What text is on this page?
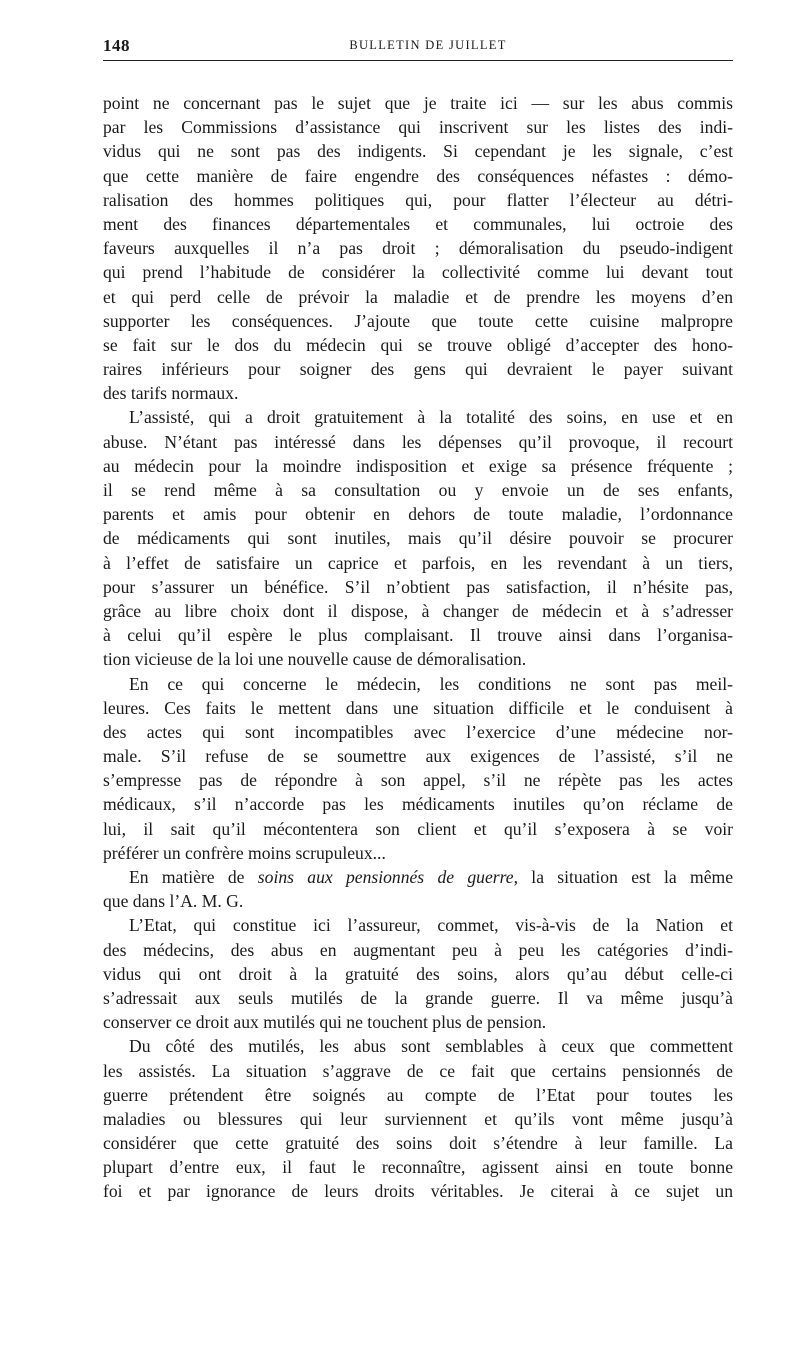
148	BULLETIN DE JUILLET
point ne concernant pas le sujet que je traite ici — sur les abus commis
par les Commissions d’assistance qui inscrivent sur les listes des indi-
vidus qui ne sont pas des indigents. Si cependant je les signale, c’est
que cette manière de faire engendre des conséquences néfastes : démo-
ralisation des hommes politiques qui, pour flatter l’électeur au détri-
ment des finances départementales et communales, lui octroie des
faveurs auxquelles il n’a pas droit ; démoralisation du pseudo-indigent
qui prend l’habitude de considérer la collectivité comme lui devant tout
et qui perd celle de prévoir la maladie et de prendre les moyens d’en
supporter les conséquences. J’ajoute que toute cette cuisine malpropre
se fait sur le dos du médecin qui se trouve obligé d’accepter des hono-
raires inférieurs pour soigner des gens qui devraient le payer suivant
des tarifs normaux.
L’assisté, qui a droit gratuitement à la totalité des soins, en use et en
abuse. N’étant pas intéressé dans les dépenses qu’il provoque, il recourt
au médecin pour la moindre indisposition et exige sa présence fréquente ;
il se rend même à sa consultation ou y envoie un de ses enfants,
parents et amis pour obtenir en dehors de toute maladie, l’ordonnance
de médicaments qui sont inutiles, mais qu’il désire pouvoir se procurer
à l’effet de satisfaire un caprice et parfois, en les revendant à un tiers,
pour s’assurer un bénéfice. S’il n’obtient pas satisfaction, il n’hésite pas,
grâce au libre choix dont il dispose, à changer de médecin et à s’adresser
à celui qu’il espère le plus complaisant. Il trouve ainsi dans l’organisa-
tion vicieuse de la loi une nouvelle cause de démoralisation.
En ce qui concerne le médecin, les conditions ne sont pas meil-
leures. Ces faits le mettent dans une situation difficile et le conduisent à
des actes qui sont incompatibles avec l’exercice d’une médecine nor-
male. S’il refuse de se soumettre aux exigences de l’assisté, s’il ne
s’empresse pas de répondre à son appel, s’il ne répète pas les actes
médicaux, s’il n’accorde pas les médicaments inutiles qu’on réclame de
lui, il sait qu’il mécontentera son client et qu’il s’exposera à se voir
préférer un confrère moins scrupuleux...
En matière de soins aux pensionnés de guerre, la situation est la même
que dans l’A. M. G.
L’Etat, qui constitue ici l’assureur, commet, vis-à-vis de la Nation et
des médecins, des abus en augmentant peu à peu les catégories d’indi-
vidus qui ont droit à la gratuité des soins, alors qu’au début celle-ci
s’adressait aux seuls mutilés de la grande guerre. Il va même jusqu’à
conserver ce droit aux mutilés qui ne touchent plus de pension.
Du côté des mutilés, les abus sont semblables à ceux que commettent
les assistés. La situation s’aggrave de ce fait que certains pensionnés de
guerre prétendent être soignés au compte de l’Etat pour toutes les
maladies ou blessures qui leur surviennent et qu’ils vont même jusqu’à
considérer que cette gratuité des soins doit s’étendre à leur famille. La
plupart d’entre eux, il faut le reconnaître, agissent ainsi en toute bonne
foi et par ignorance de leurs droits véritables. Je citerai à ce sujet un
